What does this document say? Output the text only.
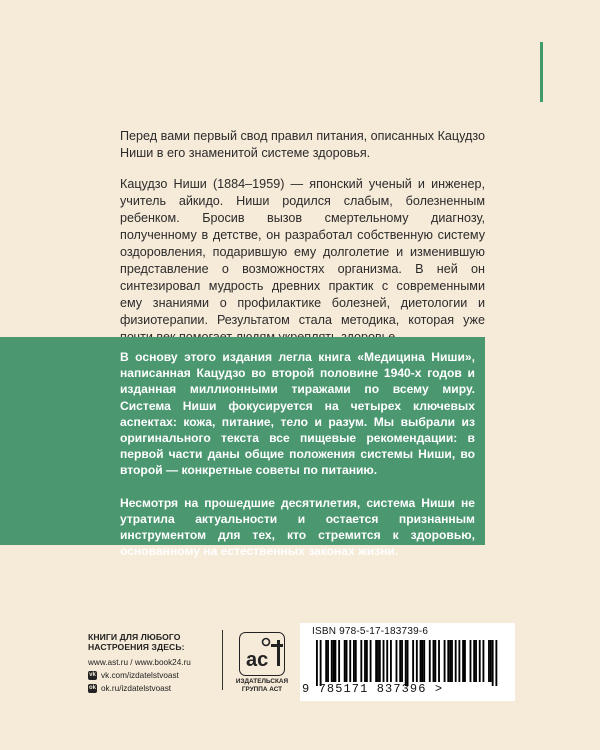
Перед вами первый свод правил питания, описанных Кацудзо Ниши в его знаменитой системе здоровья.

Кацудзо Ниши (1884–1959) — японский ученый и инженер, учитель айкидо. Ниши родился слабым, болезненным ребенком. Бросив вызов смертельному диагнозу, полученному в детстве, он разработал собственную систему оздоровления, подарившую ему долголетие и изменившую представление о возможностях организма. В ней он синтезировал мудрость древних практик с современными ему знаниями о профилактике болезней, диетологии и физиотерапии. Результатом стала методика, которая уже

В основу этого издания легла книга «Медицина Ниши», написанная Кацудзо во второй половине 1940-х годов и изданная миллионными тиражами по всему миру. Система Ниши фокусируется на четырех ключевых аспектах: кожа, питание, тело и разум. Мы выбрали из оригинального текста все пищевые рекомендации: в первой части даны общие положения системы Ниши, во второй — конкретные советы по питанию.

Несмотря на прошедшие десятилетия, система Ниши не утратила актуальности и остается признанным инструментом для тех, кто стремится к здоровью, основанному на естественных законах жизни.

КНИГИ ДЛЯ ЛЮБОГО
НАСТРОЕНИЯ ЗДЕСЬ:
www.ast.ru / www.book24.ru
vk vk.com/izdatelstvoast
ok ok.ru/izdatelstvoast
ас
ИЗДАТЕЛЬСКАЯ
ГРУППА АСТ
ISBN 978-5-17-183739-6
9 785171 837396 >
